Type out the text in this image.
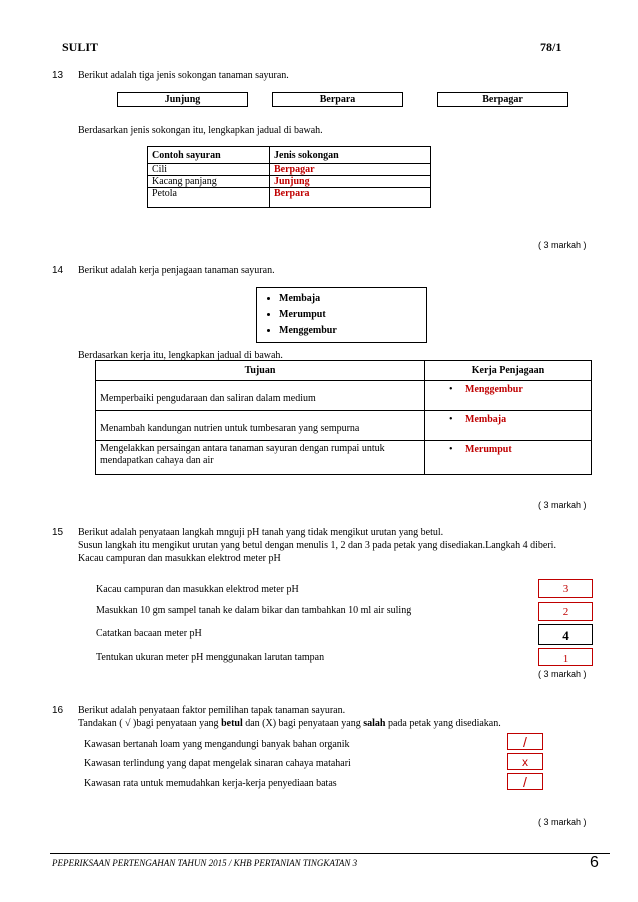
SULIT	78/1
13 Berikut adalah tiga jenis sokongan tanaman sayuran.
Junjung	Berpara	Berpagar
Berdasarkan jenis sokongan itu, lengkapkan jadual di bawah.
Contoh sayuran	Jenis sokongan
Cili	Berpagar
Kacang panjang	Junjung
Petola	Berpara
( 3 markah )
14 Berikut adalah kerja penjagaan tanaman sayuran.
• Membaja
• Merumput
• Menggembur
Berdasarkan kerja itu, lengkapkan jadual di bawah.
Tujuan	Kerja Penjagaan
Memperbaiki pengudaraan dan saliran dalam medium	• Menggembur
Menambah kandungan nutrien untuk tumbesaran yang sempurna	• Membaja
Mengelakkan persaingan antara tanaman sayuran dengan rumpai untuk mendapatkan cahaya dan air	• Merumput
( 3 markah )
15 Berikut adalah penyataan langkah mnguji pH tanah yang tidak mengikut urutan yang betul.
Susun langkah itu mengikut urutan yang betul dengan menulis 1, 2 dan 3 pada petak yang disediakan.Langkah 4 diberi.
Kacau campuran dan masukkan elektrod meter pH
Kacau campuran dan masukkan elektrod meter pH	3
Masukkan 10 gm sampel tanah ke dalam bikar dan tambahkan 10 ml air suling	2
Catatkan bacaan meter pH	4
Tentukan ukuran meter pH menggunakan larutan tampan	1
( 3 markah )
16 Berikut adalah penyataan faktor pemilihan tapak tanaman sayuran.
Tandakan ( √ )bagi penyataan yang betul dan (X) bagi penyataan yang salah pada petak yang disediakan.
Kawasan bertanah loam yang mengandungi banyak bahan organik	/
Kawasan terlindung yang dapat mengelak sinaran cahaya matahari	x
Kawasan rata untuk memudahkan kerja-kerja penyediaan batas	/
( 3 markah )
PEPERIKSAAN PERTENGAHAN TAHUN 2015 / KHB PERTANIAN TINGKATAN 3	6
